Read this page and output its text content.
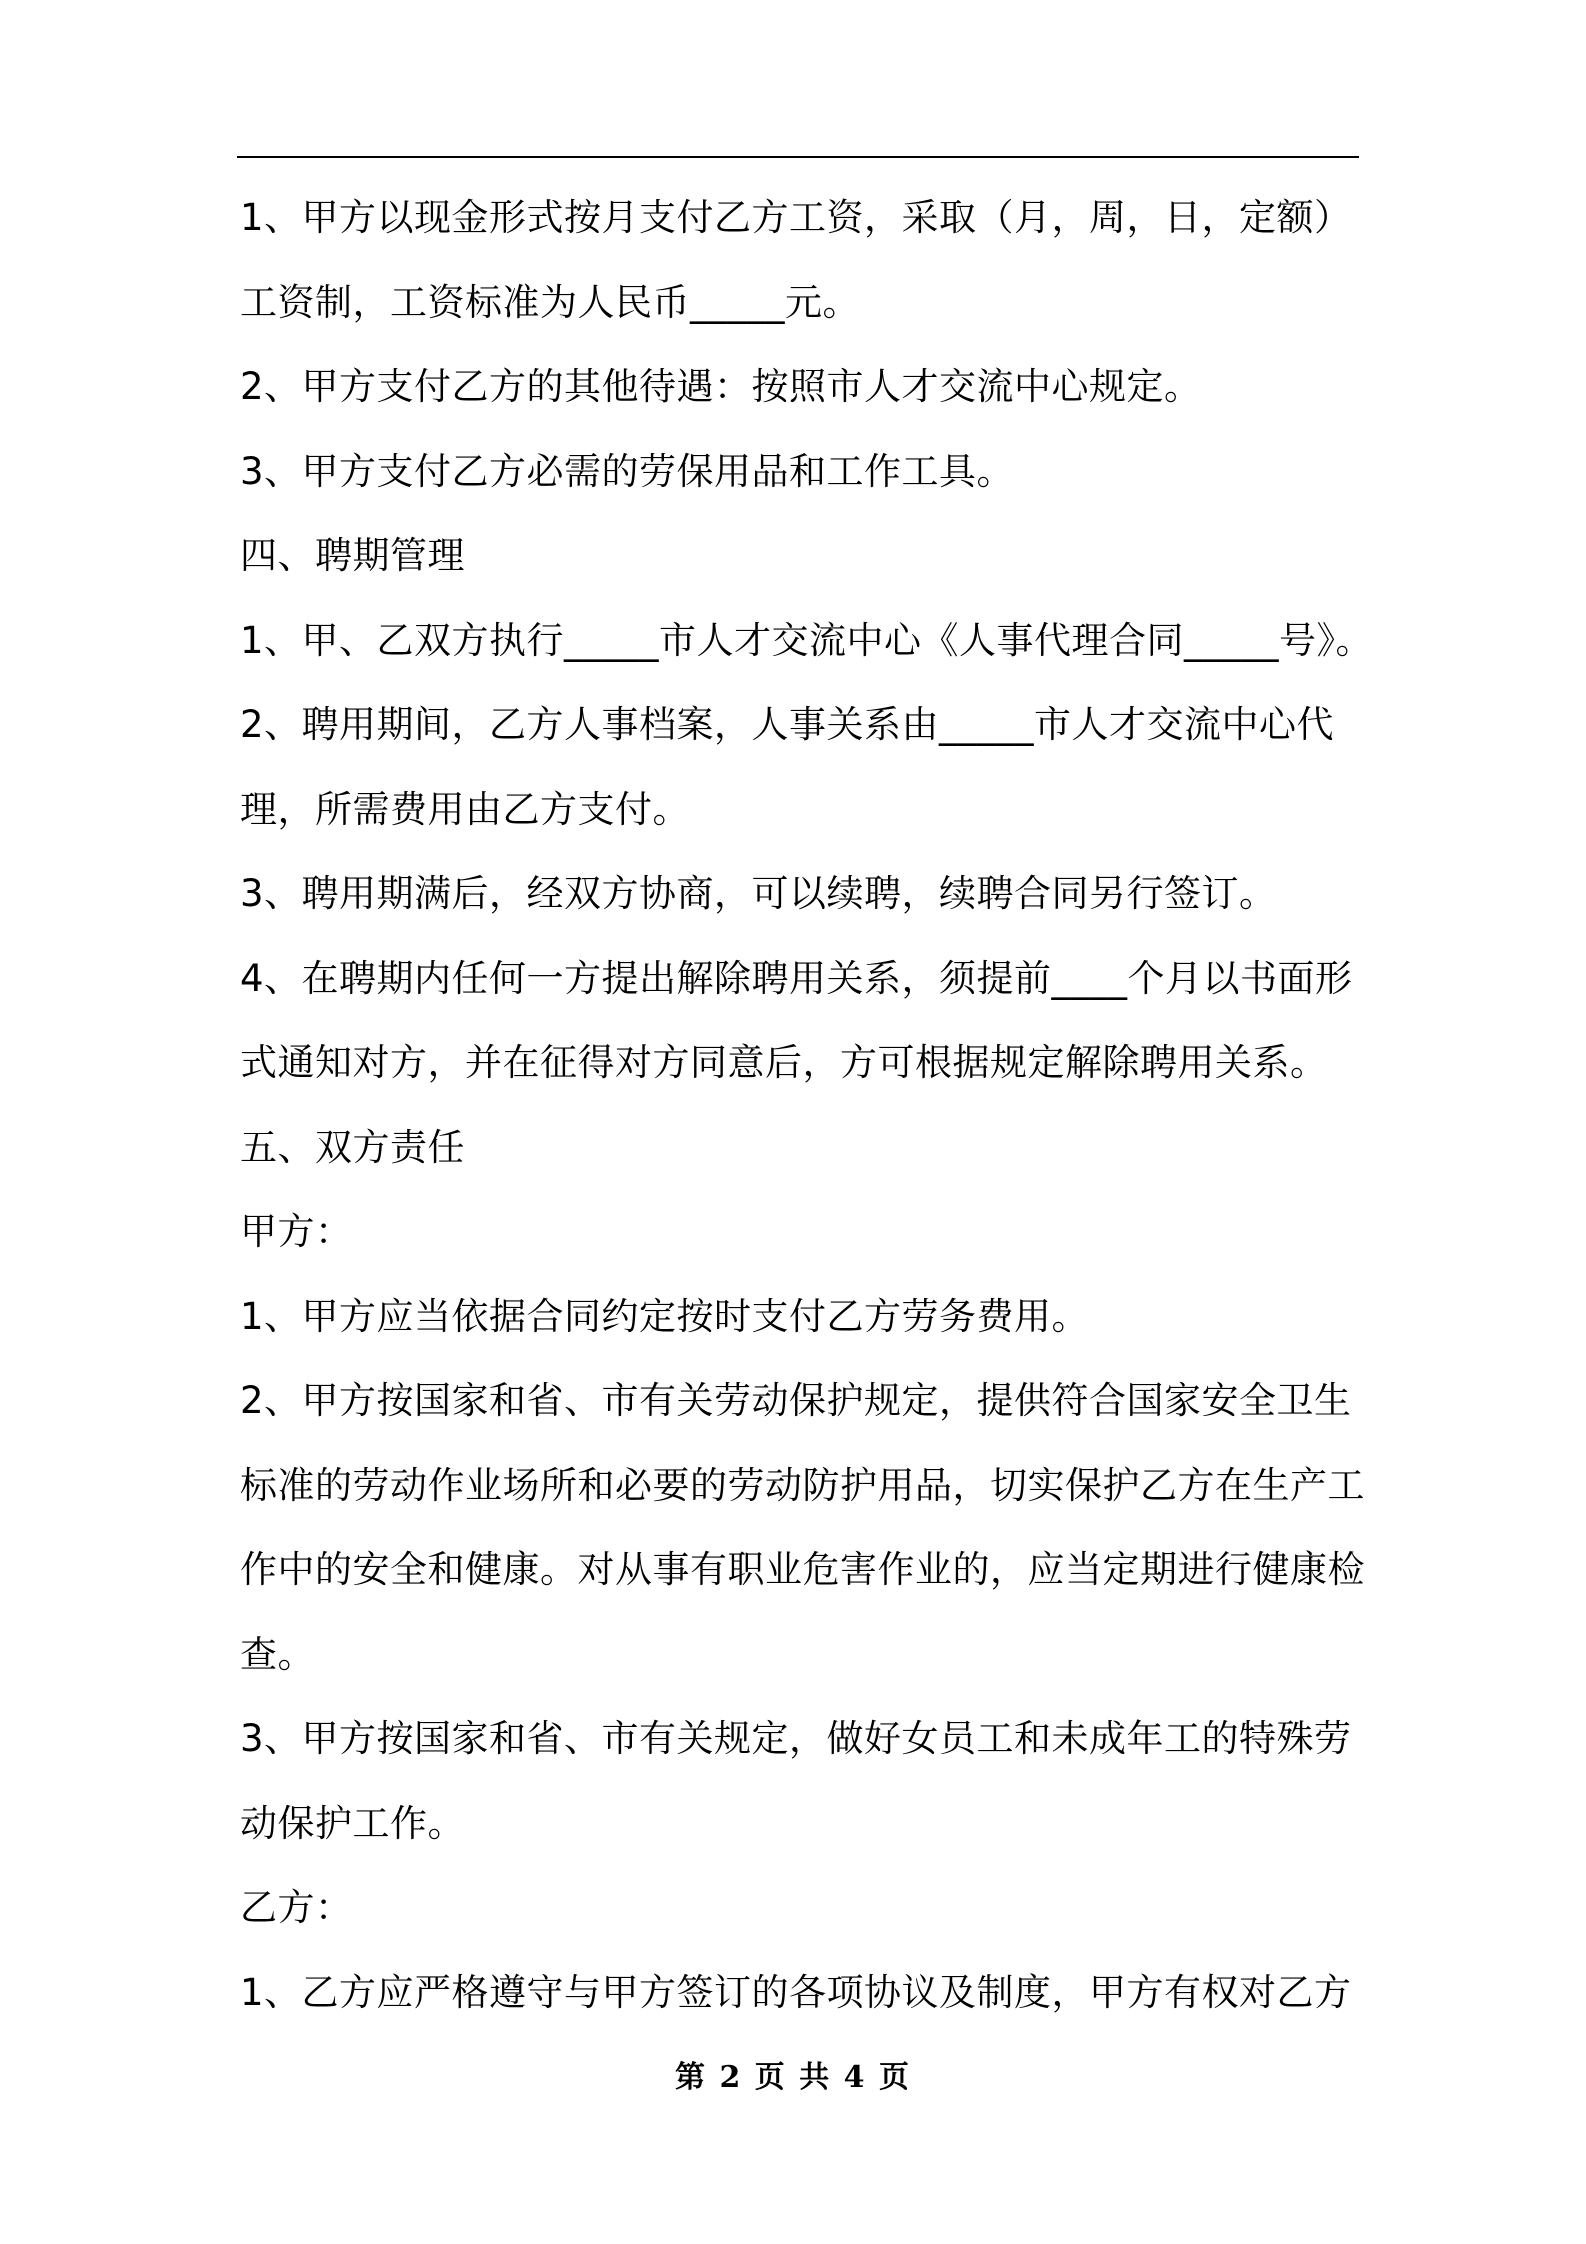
1、甲方以现金形式按月支付乙方工资，采取（月，周，日，定额）
工资制，工资标准为人民币_____元。
2、甲方支付乙方的其他待遇：按照市人才交流中心规定。
3、甲方支付乙方必需的劳保用品和工作工具。
四、聘期管理
1、甲、乙双方执行_____市人才交流中心《人事代理合同_____号》。
2、聘用期间，乙方人事档案，人事关系由_____市人才交流中心代
理，所需费用由乙方支付。
3、聘用期满后，经双方协商，可以续聘，续聘合同另行签订。
4、在聘期内任何一方提出解除聘用关系，须提前____个月以书面形
式通知对方，并在征得对方同意后，方可根据规定解除聘用关系。
五、双方责任
甲方：
1、甲方应当依据合同约定按时支付乙方劳务费用。
2、甲方按国家和省、市有关劳动保护规定，提供符合国家安全卫生
标准的劳动作业场所和必要的劳动防护用品，切实保护乙方在生产工
作中的安全和健康。对从事有职业危害作业的，应当定期进行健康检
查。
3、甲方按国家和省、市有关规定，做好女员工和未成年工的特殊劳
动保护工作。
乙方：
1、乙方应严格遵守与甲方签订的各项协议及制度，甲方有权对乙方
第 2 页 共 4 页
